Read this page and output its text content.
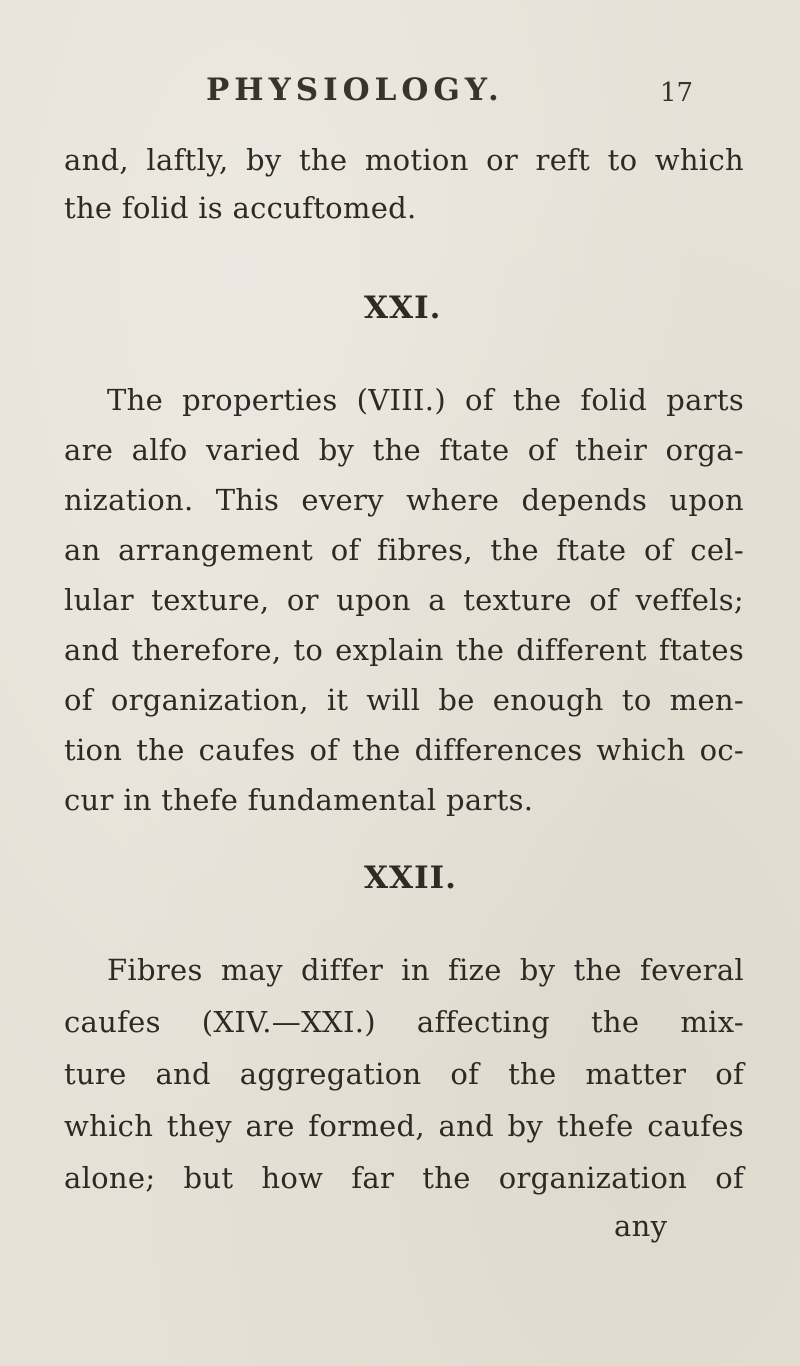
PHYSIOLOGY.	17
and, laftly, by the motion or reft to which
the folid is accuftomed.
XXI.
The properties (VIII.) of the folid parts
are alfo varied by the ftate of their orga-
nization. This every where depends upon
an arrangement of fibres, the ftate of cel-
lular texture, or upon a texture of veffels;
and therefore, to explain the different ftates
of organization, it will be enough to men-
tion the caufes of the differences which oc-
cur in thefe fundamental parts.
XXII.
Fibres may differ in fize by the feveral
caufes (XIV.—XXI.) affecting the mix-
ture and aggregation of the matter of
which they are formed, and by thefe caufes
alone; but how far the organization of
any
